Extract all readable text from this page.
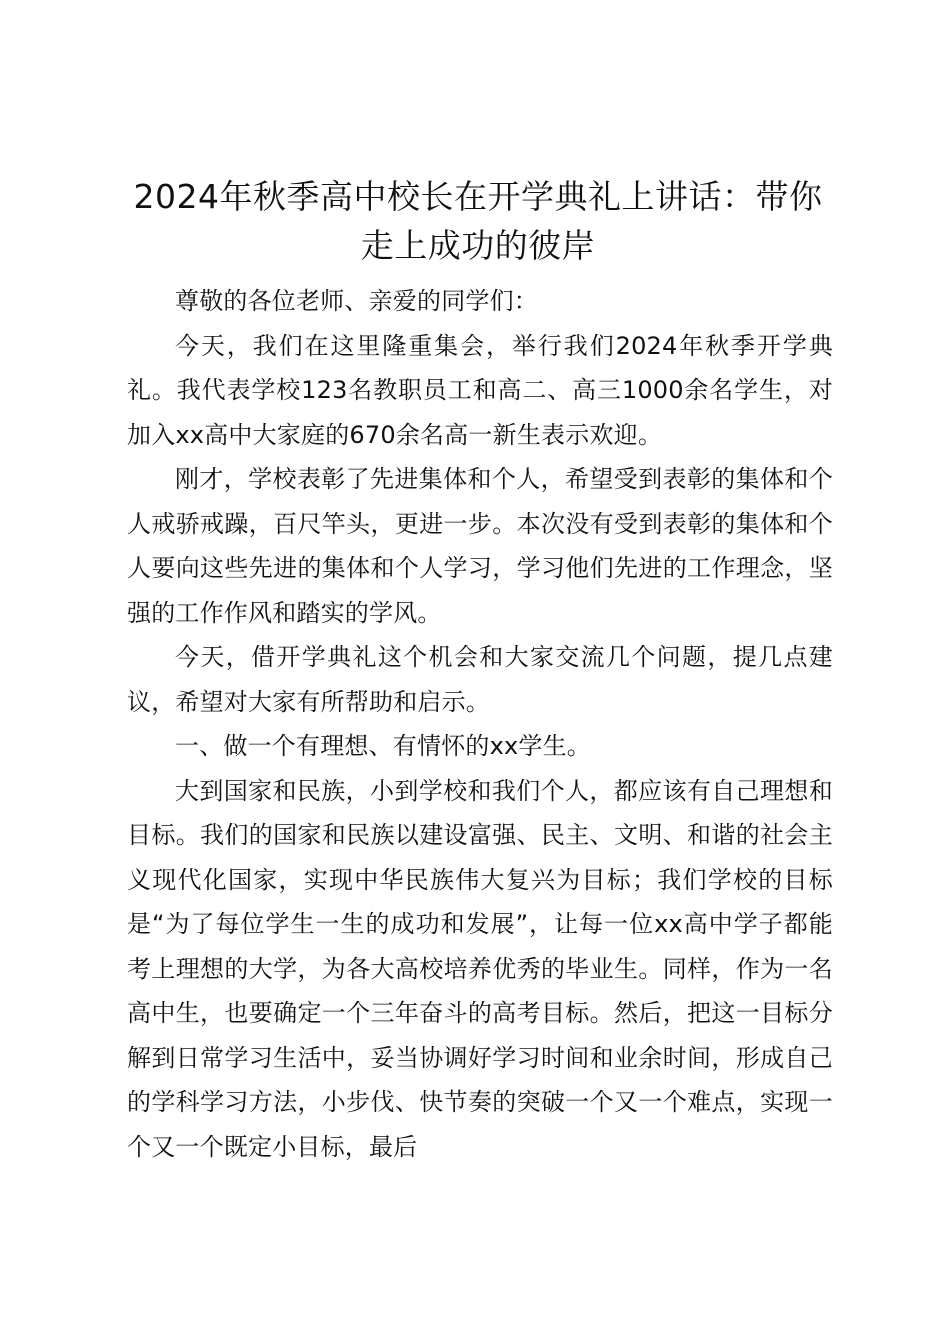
2024年秋季高中校长在开学典礼上讲话：带你走上成功的彼岸

尊敬的各位老师、亲爱的同学们：

今天，我们在这里隆重集会，举行我们2024年秋季开学典礼。我代表学校123名教职员工和高二、高三1000余名学生，对加入xx高中大家庭的670余名高一新生表示欢迎。

刚才，学校表彰了先进集体和个人，希望受到表彰的集体和个人戒骄戒躁，百尺竿头，更进一步。本次没有受到表彰的集体和个人要向这些先进的集体和个人学习，学习他们先进的工作理念，坚强的工作作风和踏实的学风。

今天，借开学典礼这个机会和大家交流几个问题，提几点建议，希望对大家有所帮助和启示。

一、做一个有理想、有情怀的xx学生。

大到国家和民族，小到学校和我们个人，都应该有自己理想和目标。我们的国家和民族以建设富强、民主、文明、和谐的社会主义现代化国家，实现中华民族伟大复兴为目标；我们学校的目标是“为了每位学生一生的成功和发展”，让每一位xx高中学子都能考上理想的大学，为各大高校培养优秀的毕业生。同样，作为一名高中生，也要确定一个三年奋斗的高考目标。然后，把这一目标分解到日常学习生活中，妥当协调好学习时间和业余时间，形成自己的学科学习方法，小步伐、快节奏的突破一个又一个难点，实现一个又一个既定小目标，最后
